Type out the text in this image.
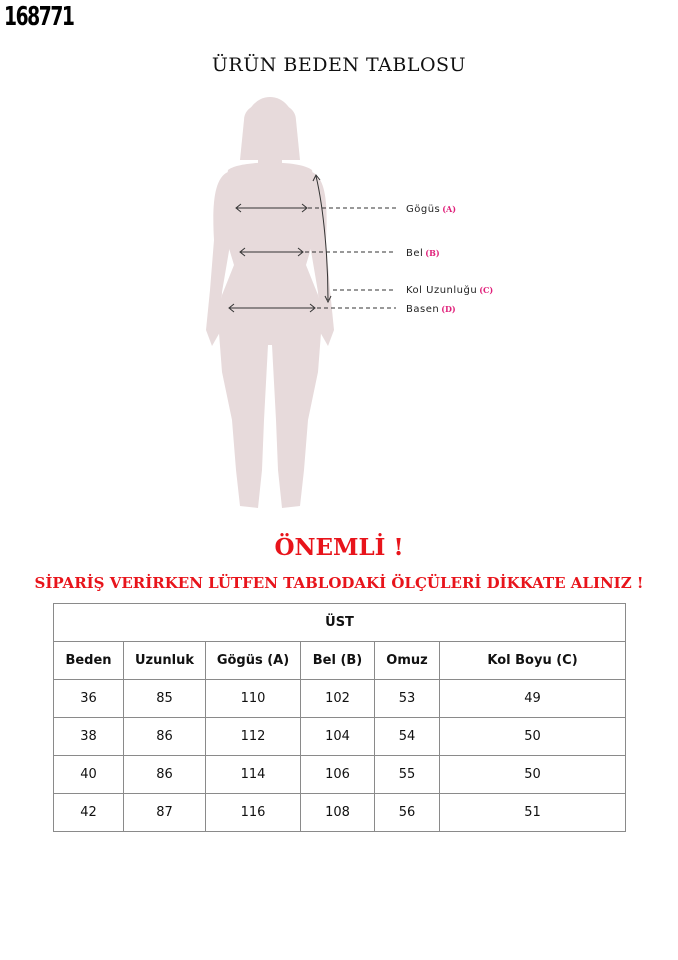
168771
ÜRÜN BEDEN TABLOSU
Gögüs (A)
Bel (B)
Kol Uzunluğu (C)
Basen (D)
ÖNEMLİ !
SİPARİŞ VERİRKEN LÜTFEN TABLODAKİ ÖLÇÜLERİ DİKKATE ALINIZ !
ÜST					
Beden	Uzunluk	Gögüs (A)	Bel (B)	Omuz	Kol Boyu (C)
36	85	110	102	53	49
38	86	112	104	54	50
40	86	114	106	55	50
42	87	116	108	56	51
